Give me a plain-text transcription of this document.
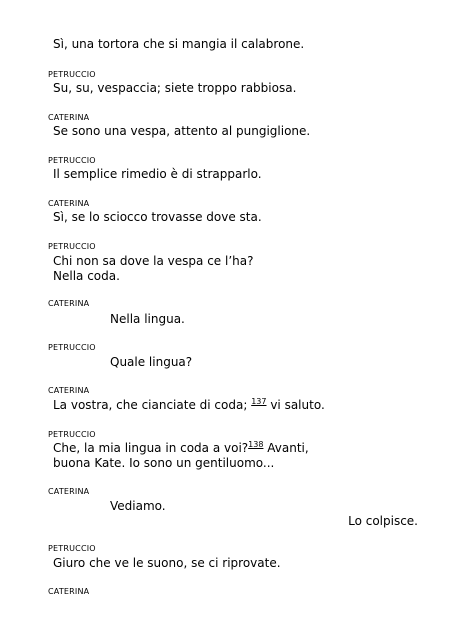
Sì, una tortora che si mangia il calabrone.
PETRUCCIO
Su, su, vespaccia; siete troppo rabbiosa.
CATERINA
Se sono una vespa, attento al pungiglione.
PETRUCCIO
Il semplice rimedio è di strapparlo.
CATERINA
Sì, se lo sciocco trovasse dove sta.
PETRUCCIO
Chi non sa dove la vespa ce l’ha?
Nella coda.
CATERINA
Nella lingua.
PETRUCCIO
Quale lingua?
CATERINA
La vostra, che cianciate di coda; $^{137}$ vi saluto.
PETRUCCIO
Che, la mia lingua in coda a voi?$^{138}$ Avanti,
buona Kate. Io sono un gentiluomo...
CATERINA
Vediamo.
Lo colpisce.
PETRUCCIO
Giuro che ve le suono, se ci riprovate.
CATERINA
